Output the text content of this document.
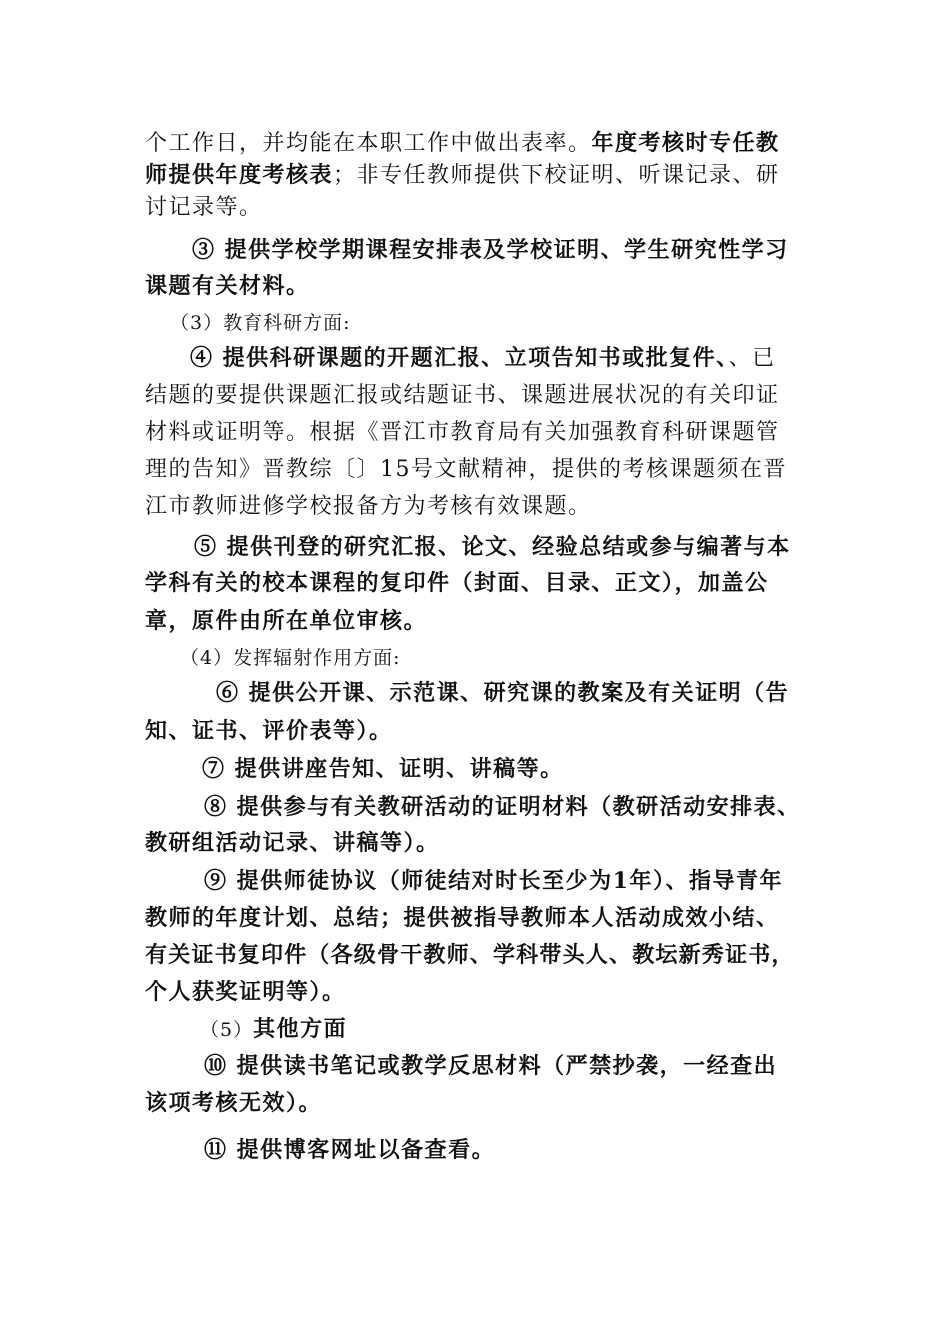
个工作日，并均能在本职工作中做出表率。年度考核时专任教
师提供年度考核表；非专任教师提供下校证明、听课记录、研
讨记录等。
③ 提供学校学期课程安排表及学校证明、学生研究性学习
课题有关材料。
（3）教育科研方面:
④ 提供科研课题的开题汇报、立项告知书或批复件、、已
结题的要提供课题汇报或结题证书、课题进展状况的有关印证
材料或证明等。根据《晋江市教育局有关加强教育科研课题管
理的告知》晋教综〔〕15号文献精神，提供的考核课题须在晋
江市教师进修学校报备方为考核有效课题。
⑤ 提供刊登的研究汇报、论文、经验总结或参与编著与本
学科有关的校本课程的复印件（封面、目录、正文），加盖公
章，原件由所在单位审核。
（4）发挥辐射作用方面:
⑥ 提供公开课、示范课、研究课的教案及有关证明（告
知、证书、评价表等）。
⑦ 提供讲座告知、证明、讲稿等。
⑧ 提供参与有关教研活动的证明材料（教研活动安排表、
教研组活动记录、讲稿等）。
⑨ 提供师徒协议（师徒结对时长至少为1年）、指导青年
教师的年度计划、总结；提供被指导教师本人活动成效小结、
有关证书复印件（各级骨干教师、学科带头人、教坛新秀证书，
个人获奖证明等）。
（5）其他方面
⑩ 提供读书笔记或教学反思材料（严禁抄袭，一经查出
该项考核无效）。
⑪ 提供博客网址以备查看。
